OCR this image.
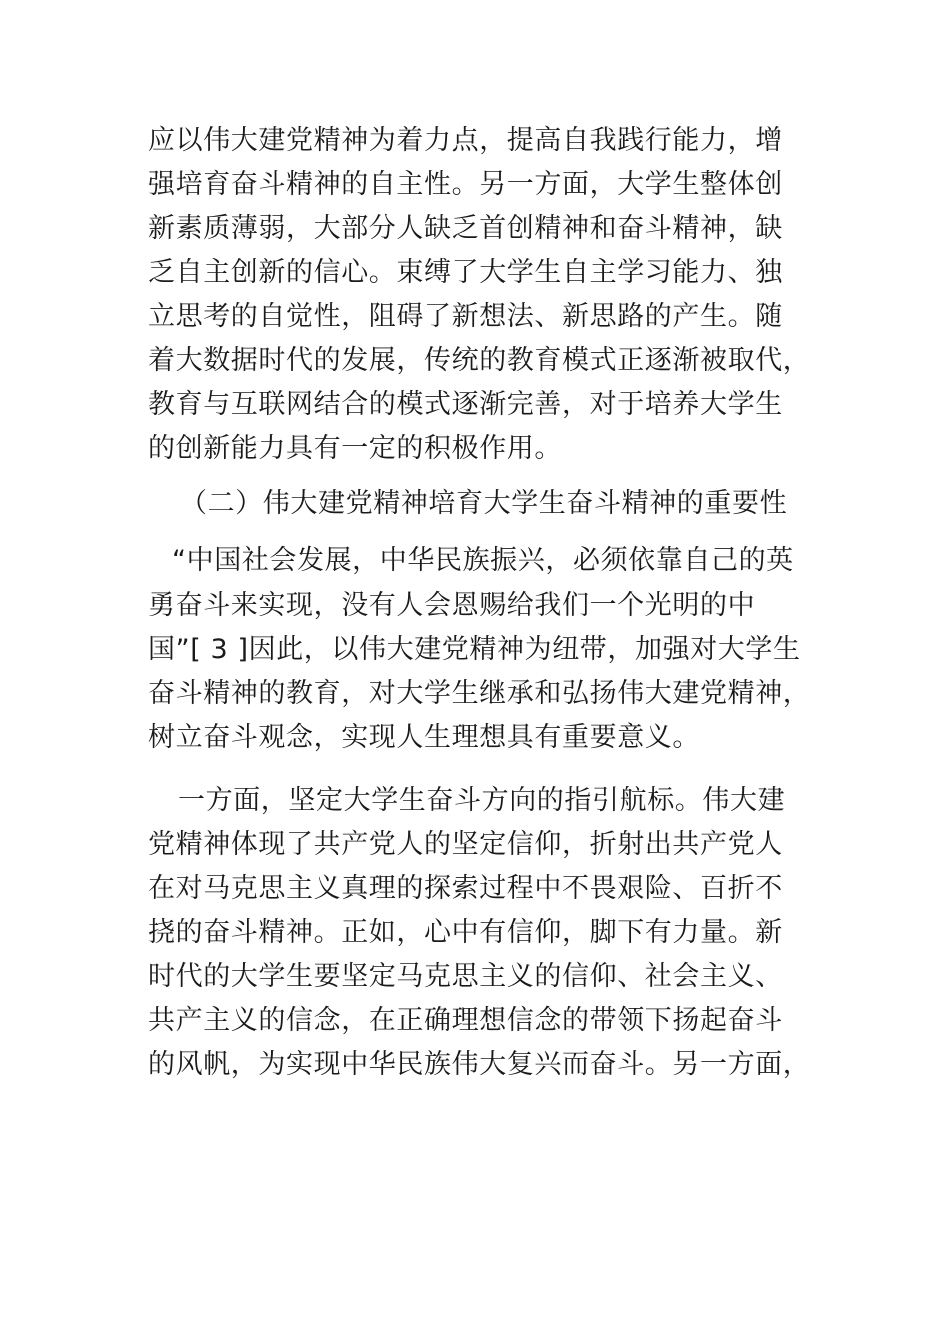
应以伟大建党精神为着力点，提高自我践行能力，增
强培育奋斗精神的自主性。另一方面，大学生整体创
新素质薄弱，大部分人缺乏首创精神和奋斗精神，缺
乏自主创新的信心。束缚了大学生自主学习能力、独
立思考的自觉性，阻碍了新想法、新思路的产生。随
着大数据时代的发展，传统的教育模式正逐渐被取代，
教育与互联网结合的模式逐渐完善，对于培养大学生
的创新能力具有一定的积极作用。
（二）伟大建党精神培育大学生奋斗精神的重要性
“中国社会发展，中华民族振兴，必须依靠自己的英
勇奋斗来实现，没有人会恩赐给我们一个光明的中
国”[ 3 ]因此，以伟大建党精神为纽带，加强对大学生
奋斗精神的教育，对大学生继承和弘扬伟大建党精神，
树立奋斗观念，实现人生理想具有重要意义。
一方面，坚定大学生奋斗方向的指引航标。伟大建
党精神体现了共产党人的坚定信仰，折射出共产党人
在对马克思主义真理的探索过程中不畏艰险、百折不
挠的奋斗精神。正如，心中有信仰，脚下有力量。新
时代的大学生要坚定马克思主义的信仰、社会主义、
共产主义的信念，在正确理想信念的带领下扬起奋斗
的风帆，为实现中华民族伟大复兴而奋斗。另一方面，
